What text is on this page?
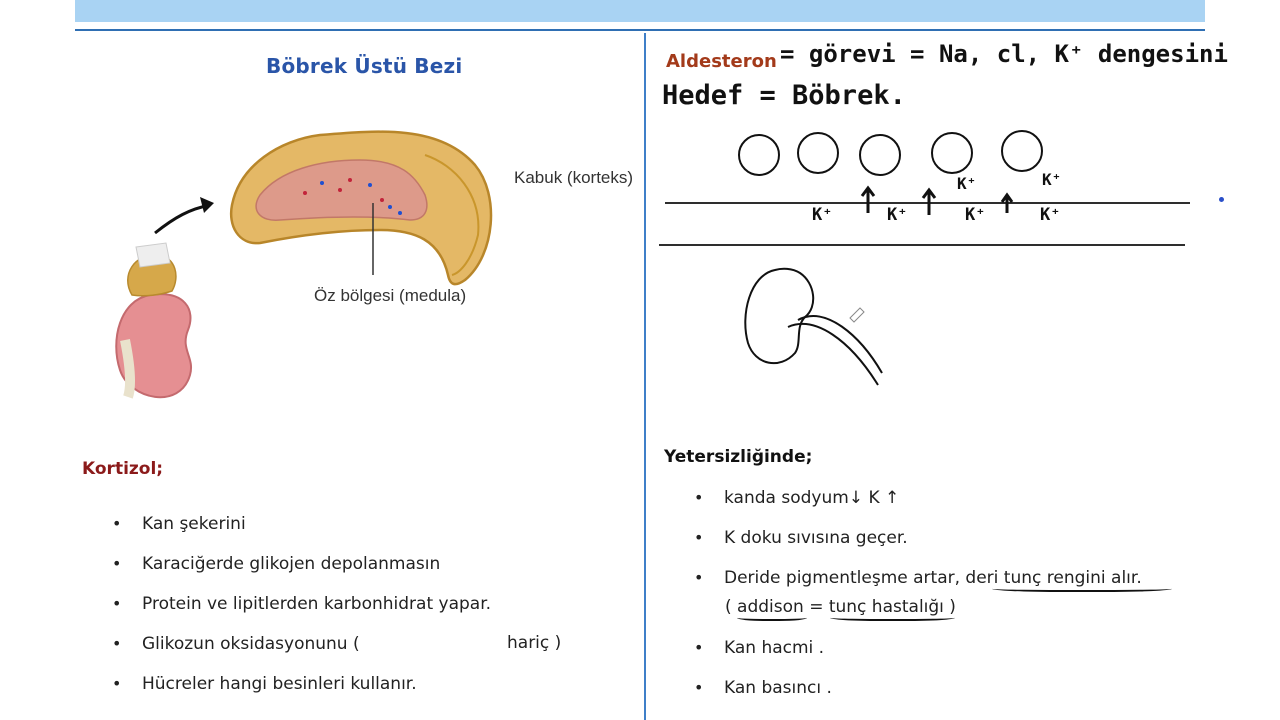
Böbrek Üstü Bezi
Kabuk (korteks)
Öz bölgesi (medula)
Kortizol;
• Kan şekerini
• Karaciğerde glikojen depolanmasın
• Protein ve lipitlerden karbonhidrat yapar.
• Glikozun oksidasyonunu (
• Hücreler hangi besinleri kullanır.
hariç )
Aldesteron = görevi = Na, cl, K⁺ dengesini
Hedef = Böbrek.
K⁺	K⁺
K⁺	K⁺	K⁺	K⁺
Yetersizliğinde;
• kanda sodyum↓ K ↑
• K doku sıvısına geçer.
• Deride pigmentleşme artar, deri tunç rengini alır.
• Kan hacmi .
• Kan basıncı .
( addison = tunç hastalığı )
